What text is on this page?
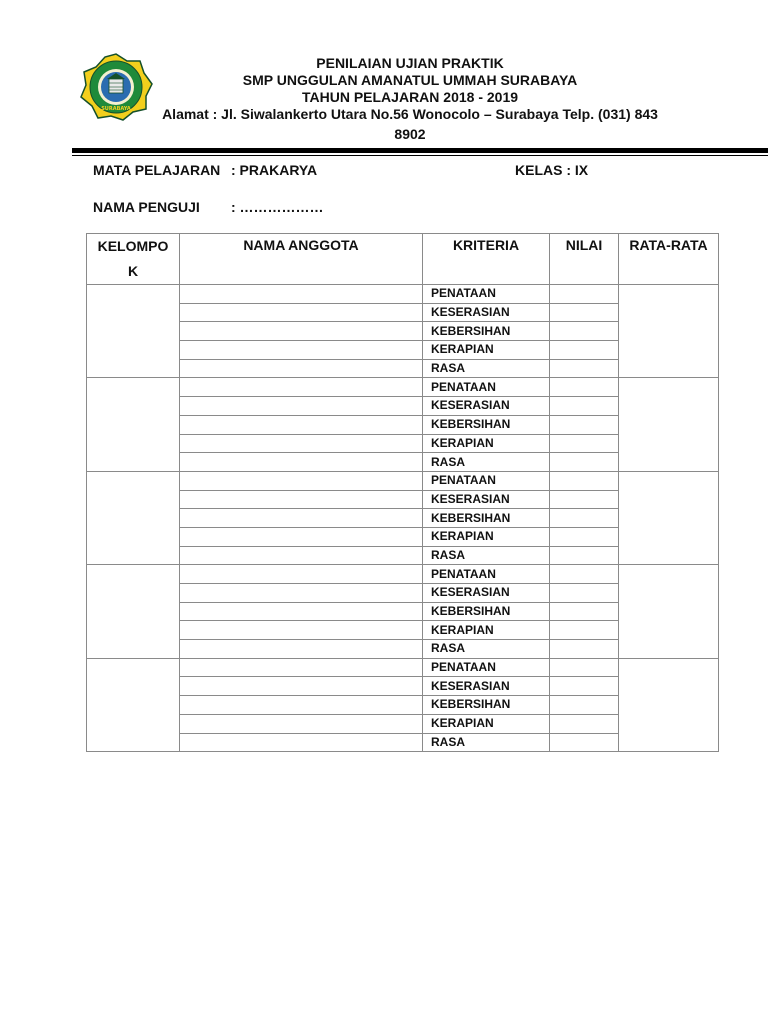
SURABAYA
PENILAIAN UJIAN PRAKTIK
SMP UNGGULAN AMANATUL UMMAH SURABAYA
TAHUN PELAJARAN 2018 - 2019
Alamat : Jl. Siwalankerto Utara No.56 Wonocolo – Surabaya Telp. (031) 843
8902
MATA PELAJARAN : PRAKARYA	KELAS : IX
NAMA PENGUJI : ………………
KELOMPO K	NAMA ANGGOTA	KRITERIA	NILAI	RATA-RATA
		PENATAAN		
		KESERASIAN		
		KEBERSIHAN		
		KERAPIAN		
		RASA		
		PENATAAN		
		KESERASIAN		
		KEBERSIHAN		
		KERAPIAN		
		RASA		
		PENATAAN		
		KESERASIAN		
		KEBERSIHAN		
		KERAPIAN		
		RASA		
		PENATAAN		
		KESERASIAN		
		KEBERSIHAN		
		KERAPIAN		
		RASA		
		PENATAAN		
		KESERASIAN		
		KEBERSIHAN		
		KERAPIAN		
		RASA		
